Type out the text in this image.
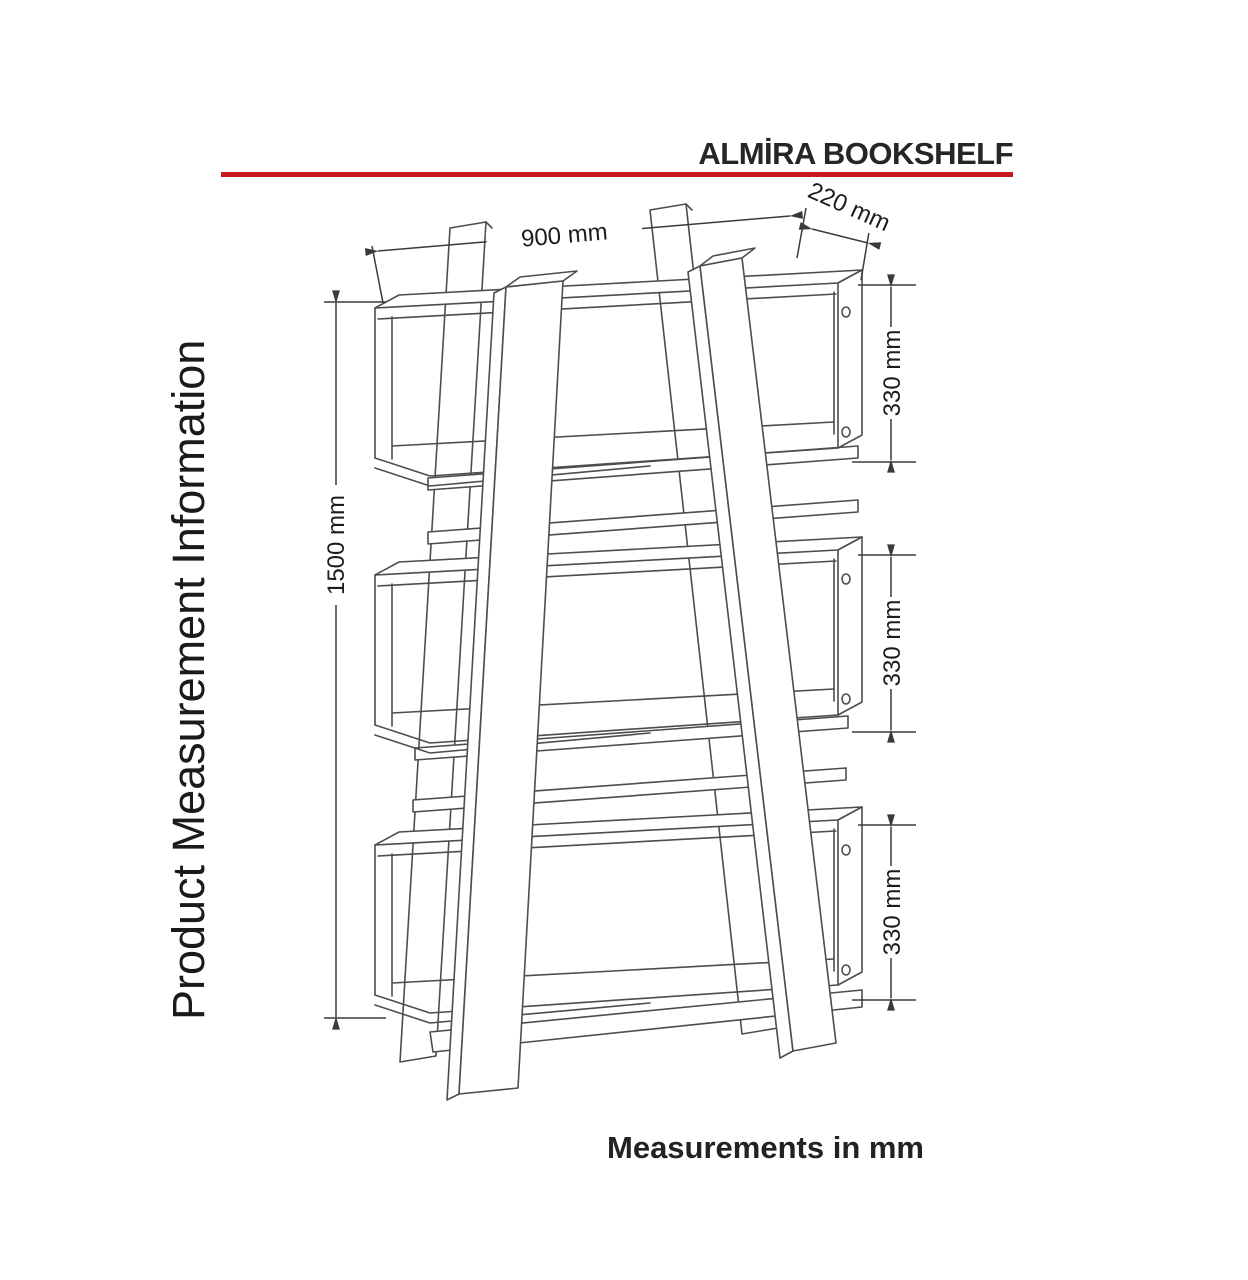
ALMİRA BOOKSHELF
Product Measurement Information
Measurements in mm
900 mm	220 mm
1500 mm
330 mm
330 mm
330 mm
